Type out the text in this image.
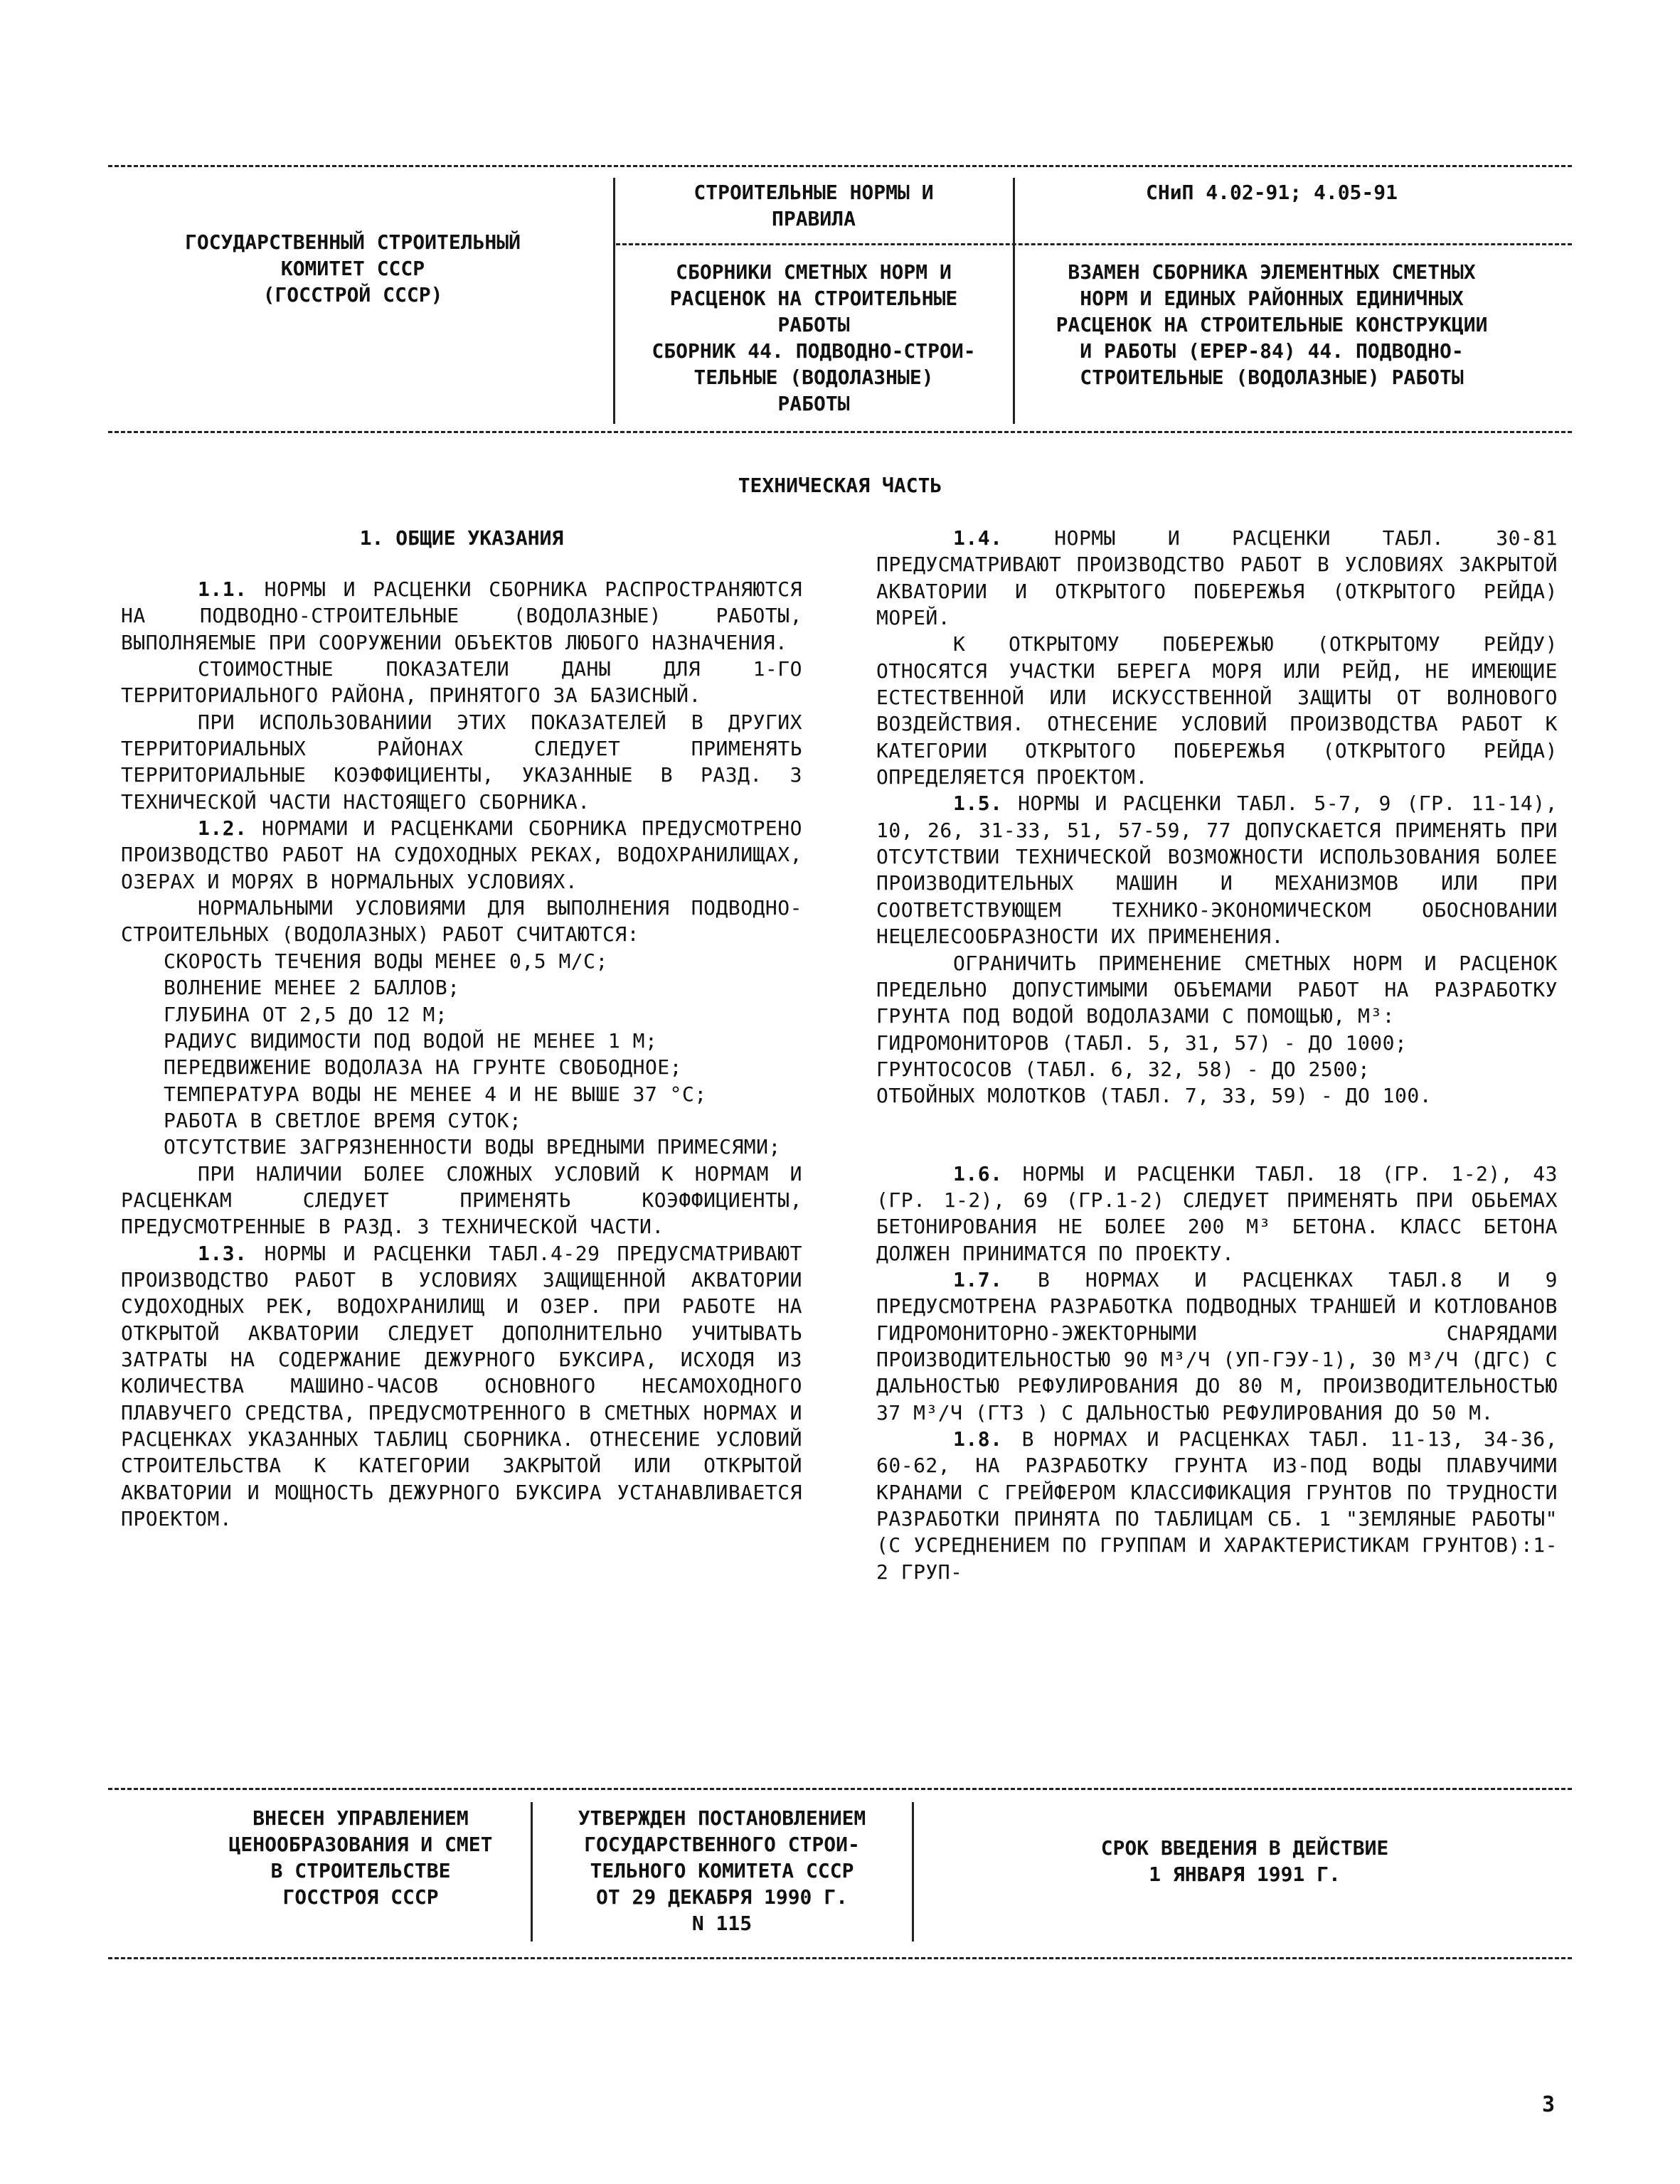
ГОСУДАРСТВЕННЫЙ СТРОИТЕЛЬНЫЙ
КОМИТЕТ СССР
(ГОССТРОЙ СССР)
СТРОИТЕЛЬНЫЕ НОРМЫ И
ПРАВИЛА
СНиП 4.02-91; 4.05-91
СБОРНИКИ СМЕТНЫХ НОРМ И
РАСЦЕНОК НА СТРОИТЕЛЬНЫЕ
РАБОТЫ
СБОРНИК 44. ПОДВОДНО-СТРОИ-
ТЕЛЬНЫЕ (ВОДОЛАЗНЫЕ)
РАБОТЫ
ВЗАМЕН СБОРНИКА ЭЛЕМЕНТНЫХ СМЕТНЫХ
НОРМ И ЕДИНЫХ РАЙОННЫХ ЕДИНИЧНЫХ
РАСЦЕНОК НА СТРОИТЕЛЬНЫЕ КОНСТРУКЦИИ
И РАБОТЫ (ЕРЕР-84) 44. ПОДВОДНО-
СТРОИТЕЛЬНЫЕ (ВОДОЛАЗНЫЕ) РАБОТЫ
ТЕХНИЧЕСКАЯ ЧАСТЬ
1. ОБЩИЕ УКАЗАНИЯ

1.1. НОРМЫ И РАСЦЕНКИ СБОРНИКА РАСПРОСТРАНЯЮТСЯ НА ПОДВОДНО-СТРОИТЕЛЬНЫЕ (ВОДОЛАЗНЫЕ) РАБОТЫ, ВЫПОЛНЯЕМЫЕ ПРИ СООРУЖЕНИИ ОБЪЕКТОВ ЛЮБОГО НАЗНАЧЕНИЯ.

СТОИМОСТНЫЕ ПОКАЗАТЕЛИ ДАНЫ ДЛЯ 1-ГО ТЕРРИТОРИАЛЬНОГО РАЙОНА, ПРИНЯТОГО ЗА БАЗИСНЫЙ.

ПРИ ИСПОЛЬЗОВАНИИИ ЭТИХ ПОКАЗАТЕЛЕЙ В ДРУГИХ ТЕРРИТОРИАЛЬНЫХ РАЙОНАХ СЛЕДУЕТ ПРИМЕНЯТЬ ТЕРРИТОРИАЛЬНЫЕ КОЭФФИЦИЕНТЫ, УКАЗАННЫЕ В РАЗД. 3 ТЕХНИЧЕСКОЙ ЧАСТИ НАСТОЯЩЕГО СБОРНИКА.

1.2. НОРМАМИ И РАСЦЕНКАМИ СБОРНИКА ПРЕДУСМОТРЕНО ПРОИЗВОДСТВО РАБОТ НА СУДОХОДНЫХ РЕКАХ, ВОДОХРАНИЛИЩАХ, ОЗЕРАХ И МОРЯХ В НОРМАЛЬНЫХ УСЛОВИЯХ.

НОРМАЛЬНЫМИ УСЛОВИЯМИ ДЛЯ ВЫПОЛНЕНИЯ ПОДВОДНО-СТРОИТЕЛЬНЫХ (ВОДОЛАЗНЫХ) РАБОТ СЧИТАЮТСЯ:

СКОРОСТЬ ТЕЧЕНИЯ ВОДЫ МЕНЕЕ 0,5 М/С;

ВОЛНЕНИЕ МЕНЕЕ 2 БАЛЛОВ;

ГЛУБИНА ОТ 2,5 ДО 12 М;

РАДИУС ВИДИМОСТИ ПОД ВОДОЙ НЕ МЕНЕЕ 1 М;

ПЕРЕДВИЖЕНИЕ ВОДОЛАЗА НА ГРУНТЕ СВОБОДНОЕ;

ТЕМПЕРАТУРА ВОДЫ НЕ МЕНЕЕ 4 И НЕ ВЫШЕ 37 °С;

РАБОТА В СВЕТЛОЕ ВРЕМЯ СУТОК;

ОТСУТСТВИЕ ЗАГРЯЗНЕННОСТИ ВОДЫ ВРЕДНЫМИ ПРИМЕСЯМИ;

ПРИ НАЛИЧИИ БОЛЕЕ СЛОЖНЫХ УСЛОВИЙ К НОРМАМ И РАСЦЕНКАМ СЛЕДУЕТ ПРИМЕНЯТЬ КОЭФФИЦИЕНТЫ, ПРЕДУСМОТРЕННЫЕ В РАЗД. 3 ТЕХНИЧЕСКОЙ ЧАСТИ.

1.3. НОРМЫ И РАСЦЕНКИ ТАБЛ.4-29 ПРЕДУСМАТРИВАЮТ ПРОИЗВОДСТВО РАБОТ В УСЛОВИЯХ ЗАЩИЩЕННОЙ АКВАТОРИИ СУДОХОДНЫХ РЕК, ВОДОХРАНИЛИЩ И ОЗЕР. ПРИ РАБОТЕ НА ОТКРЫТОЙ АКВАТОРИИ СЛЕДУЕТ ДОПОЛНИТЕЛЬНО УЧИТЫВАТЬ ЗАТРАТЫ НА СОДЕРЖАНИЕ ДЕЖУРНОГО БУКСИРА, ИСХОДЯ ИЗ КОЛИЧЕСТВА МАШИНО-ЧАСОВ ОСНОВНОГО НЕСАМОХОДНОГО ПЛАВУЧЕГО СРЕДСТВА, ПРЕДУСМОТРЕННОГО В СМЕТНЫХ НОРМАХ И РАСЦЕНКАХ УКАЗАННЫХ ТАБЛИЦ СБОРНИКА. ОТНЕСЕНИЕ УСЛОВИЙ СТРОИТЕЛЬСТВА К КАТЕГОРИИ ЗАКРЫТОЙ ИЛИ ОТКРЫТОЙ АКВАТОРИИ И МОЩНОСТЬ ДЕЖУРНОГО БУКСИРА УСТАНАВЛИВАЕТСЯ ПРОЕКТОМ.

1.4.	НОРМЫ И РАСЦЕНКИ ТАБЛ. 30-81 ПРЕДУСМАТРИВАЮТ ПРОИЗВОДСТВО РАБОТ В УСЛОВИЯХ ЗАКРЫТОЙ АКВАТОРИИ И ОТКРЫТОГО ПОБЕРЕЖЬЯ (ОТКРЫТОГО РЕЙДА) МОРЕЙ.

К ОТКРЫТОМУ ПОБЕРЕЖЬЮ (ОТКРЫТОМУ РЕЙДУ) ОТНОСЯТСЯ УЧАСТКИ БЕРЕГА МОРЯ ИЛИ РЕЙД, НЕ ИМЕЮЩИЕ ЕСТЕСТВЕННОЙ ИЛИ ИСКУССТВЕННОЙ ЗАЩИТЫ ОТ ВОЛНОВОГО ВОЗДЕЙСТВИЯ. ОТНЕСЕНИЕ УСЛОВИЙ ПРОИЗВОДСТВА РАБОТ К КАТЕГОРИИ ОТКРЫТОГО ПОБЕРЕЖЬЯ (ОТКРЫТОГО РЕЙДА) ОПРЕДЕЛЯЕТСЯ ПРОЕКТОМ.

1.5. НОРМЫ И РАСЦЕНКИ ТАБЛ. 5-7, 9 (ГР. 11-14), 10, 26, 31-33, 51, 57-59, 77 ДОПУСКАЕТСЯ ПРИМЕНЯТЬ ПРИ ОТСУТСТВИИ ТЕХНИЧЕСКОЙ ВОЗМОЖНОСТИ ИСПОЛЬЗОВАНИЯ БОЛЕЕ ПРОИЗВОДИТЕЛЬНЫХ МАШИН И МЕХАНИЗМОВ ИЛИ ПРИ СООТВЕТСТВУЮЩЕМ ТЕХНИКО-ЭКОНОМИЧЕСКОМ ОБОСНОВАНИИ НЕЦЕЛЕСООБРАЗНОСТИ ИХ ПРИМЕНЕНИЯ.

ОГРАНИЧИТЬ ПРИМЕНЕНИЕ СМЕТНЫХ НОРМ И РАСЦЕНОК ПРЕДЕЛЬНО ДОПУСТИМЫМИ ОБЪЕМАМИ РАБОТ НА РАЗРАБОТКУ ГРУНТА ПОД ВОДОЙ ВОДОЛАЗАМИ С ПОМОЩЬЮ, М³:

ГИДРОМОНИТОРОВ (ТАБЛ. 5, 31, 57) - ДО 1000;

ГРУНТОСОСОВ (ТАБЛ. 6, 32, 58) - ДО 2500;

ОТБОЙНЫХ МОЛОТКОВ (ТАБЛ. 7, 33, 59) - ДО 100.

1.6. НОРМЫ И РАСЦЕНКИ ТАБЛ. 18 (ГР. 1-2), 43 (ГР. 1-2), 69 (ГР.1-2) СЛЕДУЕТ ПРИМЕНЯТЬ ПРИ ОБЬЕМАХ БЕТОНИРОВАНИЯ НЕ БОЛЕЕ 200 М³ БЕТОНА. КЛАСС БЕТОНА ДОЛЖЕН ПРИНИМАТСЯ ПО ПРОЕКТУ.

1.7. В НОРМАХ И РАСЦЕНКАХ ТАБЛ.8 И 9 ПРЕДУСМОТРЕНА РАЗРАБОТКА ПОДВОДНЫХ ТРАНШЕЙ И КОТЛОВАНОВ ГИДРОМОНИТОРНО-ЭЖЕКТОРНЫМИ СНАРЯДАМИ ПРОИЗВОДИТЕЛЬНОСТЬЮ 90 М³/Ч (УП-ГЭУ-1), 30 М³/Ч (ДГС) С ДАЛЬНОСТЬЮ РЕФУЛИРОВАНИЯ ДО 80 М, ПРОИЗВОДИТЕЛЬНОСТЬЮ 37 М³/Ч (ГТЗ ) С ДАЛЬНОСТЬЮ РЕФУЛИРОВАНИЯ ДО 50 М.

1.8. В НОРМАХ И РАСЦЕНКАХ ТАБЛ. 11-13, 34-36, 60-62, НА РАЗРАБОТКУ ГРУНТА ИЗ-ПОД ВОДЫ ПЛАВУЧИМИ КРАНАМИ С ГРЕЙФЕРОМ КЛАССИФИКАЦИЯ ГРУНТОВ ПО ТРУДНОСТИ РАЗРАБОТКИ ПРИНЯТА ПО ТАБЛИЦАМ СБ. 1 "ЗЕМЛЯНЫЕ РАБОТЫ" (С УСРЕДНЕНИЕМ ПО ГРУППАМ И ХАРАКТЕРИСТИКАМ ГРУНТОВ):1-2 ГРУП-

ВНЕСЕН УПРАВЛЕНИЕМ
ЦЕНООБРАЗОВАНИЯ И СМЕТ
В СТРОИТЕЛЬСТВЕ
ГОССТРОЯ СССР
УТВЕРЖДЕН ПОСТАНОВЛЕНИЕМ
ГОСУДАРСТВЕННОГО СТРОИ-
ТЕЛЬНОГО КОМИТЕТА СССР
ОТ 29 ДЕКАБРЯ 1990 Г.
N 115
СРОК ВВЕДЕНИЯ В ДЕЙСТВИЕ
1 ЯНВАРЯ 1991 Г.
3
